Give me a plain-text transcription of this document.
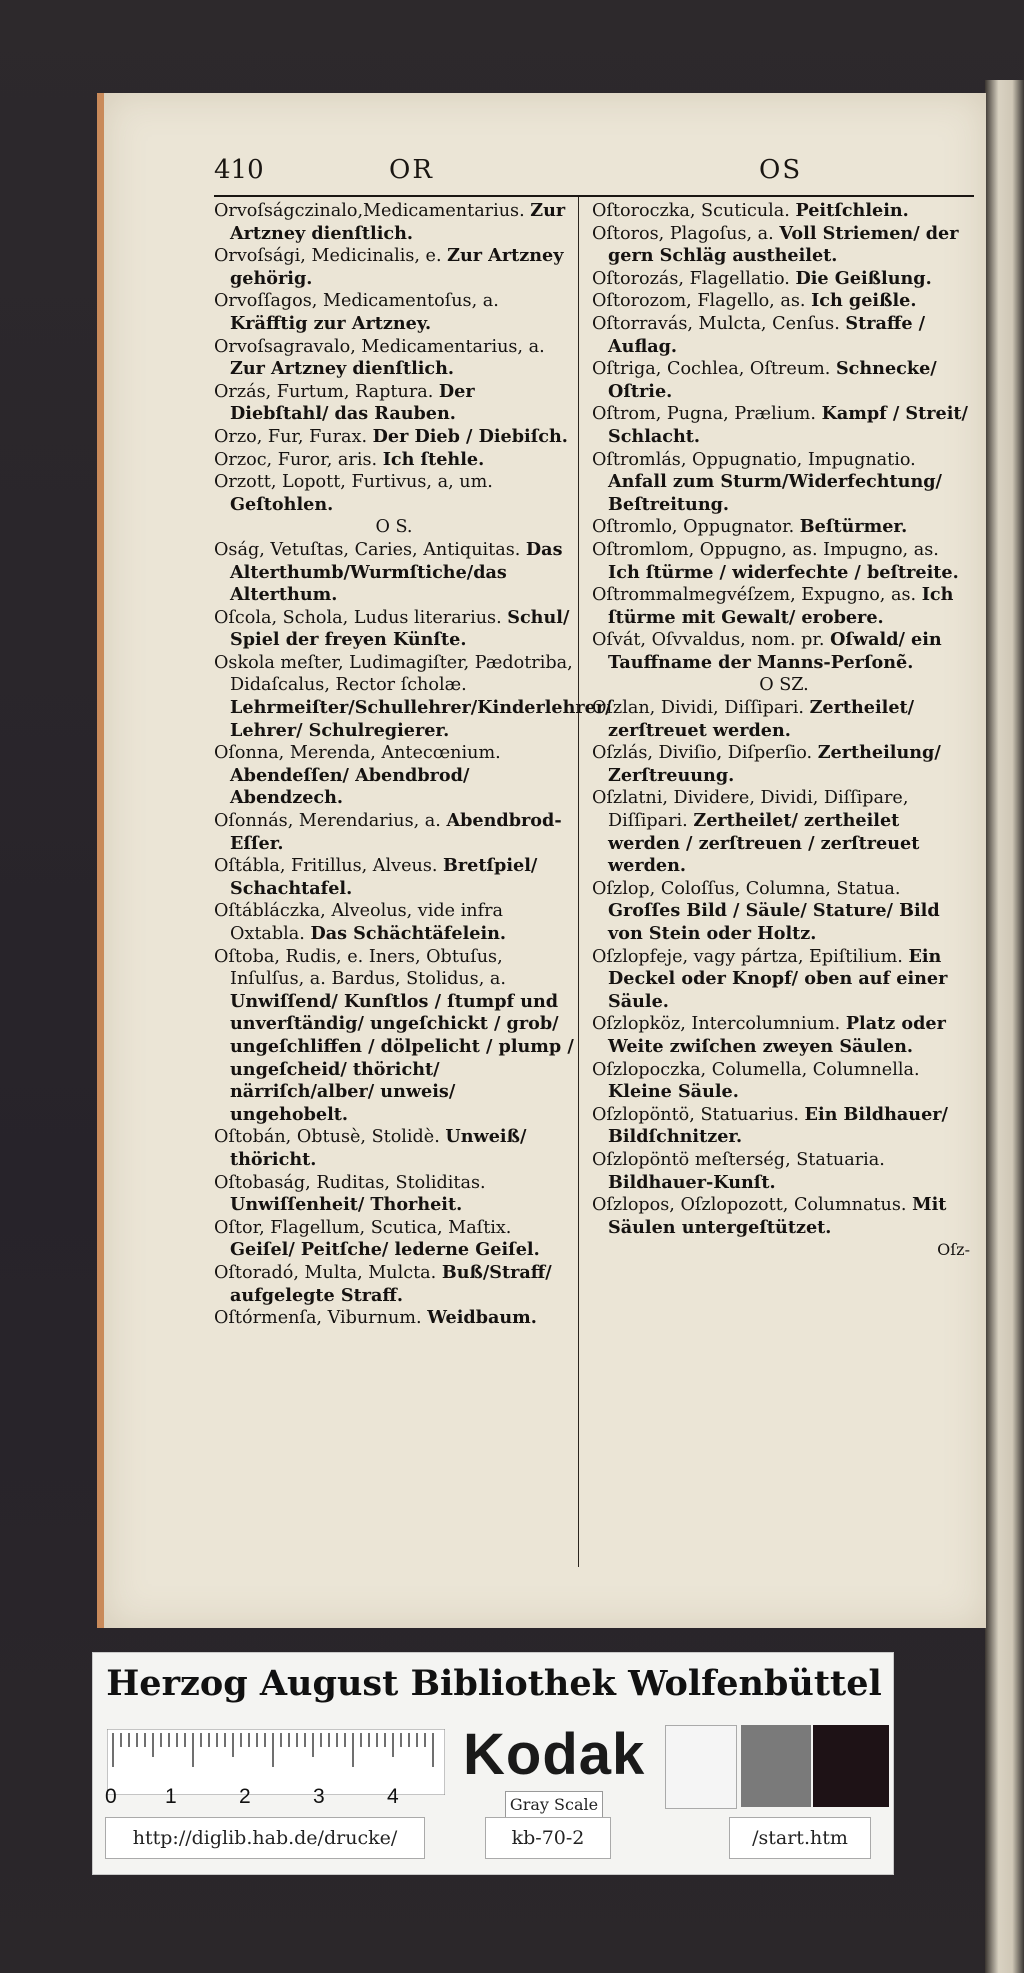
410	OR	OS

Orvoſságczinalo,Medicamentarius. Zur Artzney dienſtlich.

Orvoſsági, Medicinalis, e. Zur Artzney gehörig.

Orvoſſagos, Medicamentoſus, a. Kräfftig zur Artzney.

Orvoſsagravalo, Medicamentarius, a. Zur Artzney dienſtlich.

Orzás, Furtum, Raptura. Der Diebſtahl/ das Rauben.

Orzo, Fur, Furax. Der Dieb / Diebiſch.

Orzoc, Furor, aris. Ich ſtehle.

Orzott, Lopott, Furtivus, a, um. Geſtohlen.

O S.

Oság, Vetuſtas, Caries, Antiquitas. Das Alterthumb/Wurmſtiche/das Alterthum.

Oſcola, Schola, Ludus literarius. Schul/ Spiel der freyen Künſte.

Oskola meſter, Ludimagiſter, Pædotriba, Didaſcalus, Rector ſcholæ. Lehrmeiſter/Schullehrer/Kinderlehrer/ Lehrer/ Schulregierer.

Oſonna, Merenda, Antecœnium. Abendeſſen/ Abendbrod/ Abendzech.

Oſonnás, Merendarius, a. Abendbrod-Eſſer.

Oſtábla, Fritillus, Alveus. Bretſpiel/ Schachtafel.

Oſtábláczka, Alveolus, vide infra Oxtabla. Das Schächtäfelein.

Oſtoba, Rudis, e. Iners, Obtuſus, Inſulſus, a. Bardus, Stolidus, a. Unwiſſend/ Kunſtlos / ſtumpf und unverſtändig/ ungeſchickt / grob/ ungeſchliffen / dölpelicht / plump / ungeſcheid/ thöricht/ närriſch/alber/ unweis/ ungehobelt.

Oſtobán, Obtusè, Stolidè. Unweiß/ thöricht.

Oſtobaság, Ruditas, Stoliditas. Unwiſſenheit/ Thorheit.

Oſtor, Flagellum, Scutica, Maſtix. Geiſel/ Peitſche/ lederne Geiſel.

Oſtoradó, Multa, Mulcta. Buß/Straff/ aufgelegte Straff.

Oſtórmenſa, Viburnum. Weidbaum.

Oſtoroczka, Scuticula. Peitſchlein.

Oſtoros, Plagoſus, a. Voll Striemen/ der gern Schläg austheilet.

Oſtorozás, Flagellatio. Die Geißlung.

Oſtorozom, Flagello, as. Ich geißle.

Oſtorravás, Mulcta, Cenſus. Straffe / Auflag.

Oſtriga, Cochlea, Oſtreum. Schnecke/ Oſtrie.

Oſtrom, Pugna, Prælium. Kampf / Streit/ Schlacht.

Oſtromlás, Oppugnatio, Impugnatio. Anfall zum Sturm/Widerfechtung/ Beſtreitung.

Oſtromlo, Oppugnator. Beſtürmer.

Oſtromlom, Oppugno, as. Impugno, as. Ich ſtürme / widerfechte / beſtreite.

Oſtrommalmegvéſzem, Expugno, as. Ich ſtürme mit Gewalt/ erobere.

Oſvát, Oſvvaldus, nom. pr. Oſwald/ ein Tauffname der Manns-Perſonẽ.

O SZ.

Oſzlan, Dividi, Diſſipari. Zertheilet/ zerſtreuet werden.

Oſzlás, Diviſio, Diſperſio. Zertheilung/ Zerſtreuung.

Oſzlatni, Dividere, Dividi, Diſſipare, Diſſipari. Zertheilet/ zertheilet werden / zerſtreuen / zerſtreuet werden.

Oſzlop, Coloſſus, Columna, Statua. Groſſes Bild / Säule/ Stature/ Bild von Stein oder Holtz.

Oſzlopfeje, vagy pártza, Epiſtilium. Ein Deckel oder Knopf/ oben auf einer Säule.

Oſzlopköz, Intercolumnium. Platz oder Weite zwiſchen zweyen Säulen.

Oſzlopoczka, Columella, Columnella. Kleine Säule.

Oſzlopöntö, Statuarius. Ein Bildhauer/ Bildſchnitzer.

Oſzlopöntö meſterség, Statuaria. Bildhauer-Kunſt.

Oſzlopos, Oſzlopozott, Columnatus. Mit Säulen untergeſtützet.

Oſz-

Herzog August Bibliothek Wolfenbüttel
0 1	2	3	4
Kodak
Gray Scale
http://diglib.hab.de/drucke/	kb-70-2	/start.htm
